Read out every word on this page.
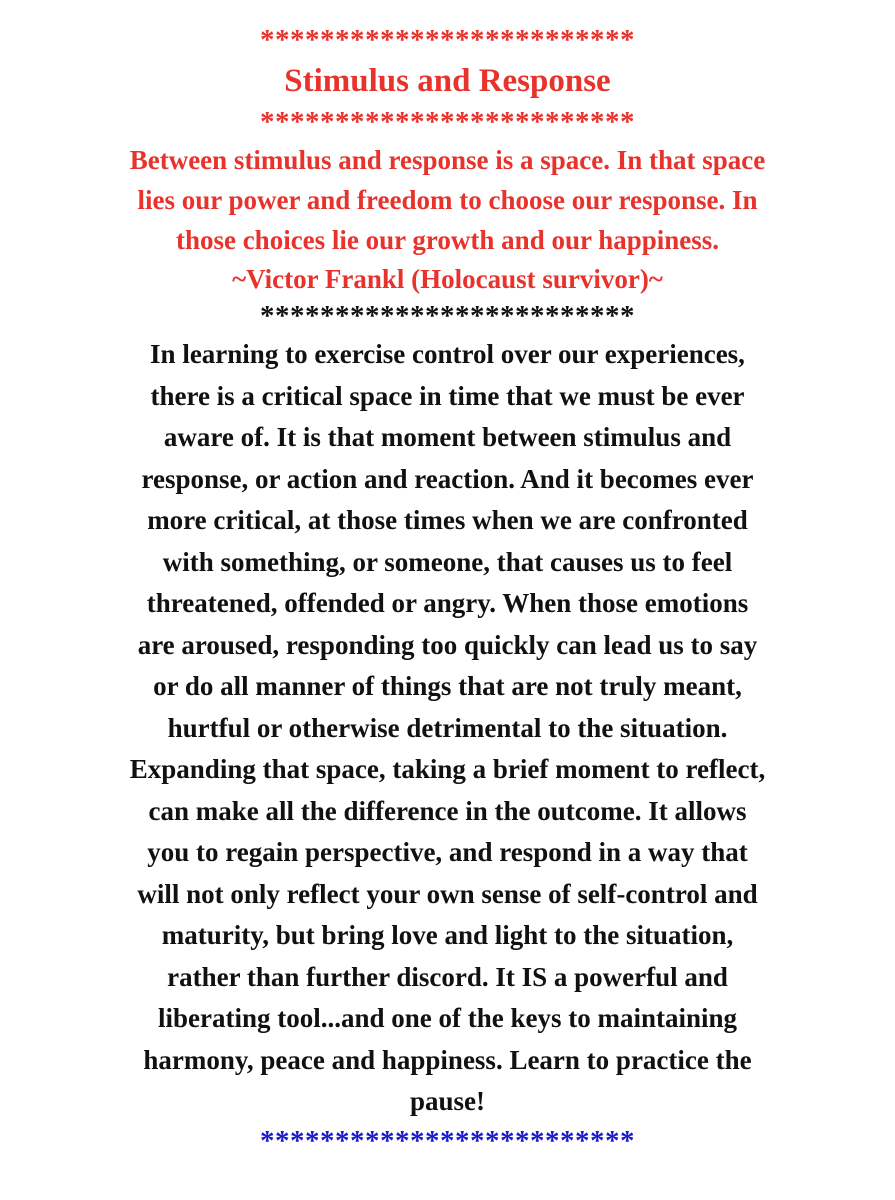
*************************
Stimulus and Response
*************************
Between stimulus and response is a space. In that space
lies our power and freedom to choose our response. In
those choices lie our growth and our happiness.
~Victor Frankl (Holocaust survivor)~
*************************
In learning to exercise control over our experiences,
there is a critical space in time that we must be ever
aware of. It is that moment between stimulus and
response, or action and reaction. And it becomes ever
more critical, at those times when we are confronted
with something, or someone, that causes us to feel
threatened, offended or angry. When those emotions
are aroused, responding too quickly can lead us to say
or do all manner of things that are not truly meant,
hurtful or otherwise detrimental to the situation.
Expanding that space, taking a brief moment to reflect,
can make all the difference in the outcome. It allows
you to regain perspective, and respond in a way that
will not only reflect your own sense of self-control and
maturity, but bring love and light to the situation,
rather than further discord. It IS a powerful and
liberating tool...and one of the keys to maintaining
harmony, peace and happiness. Learn to practice the
pause!
*************************
